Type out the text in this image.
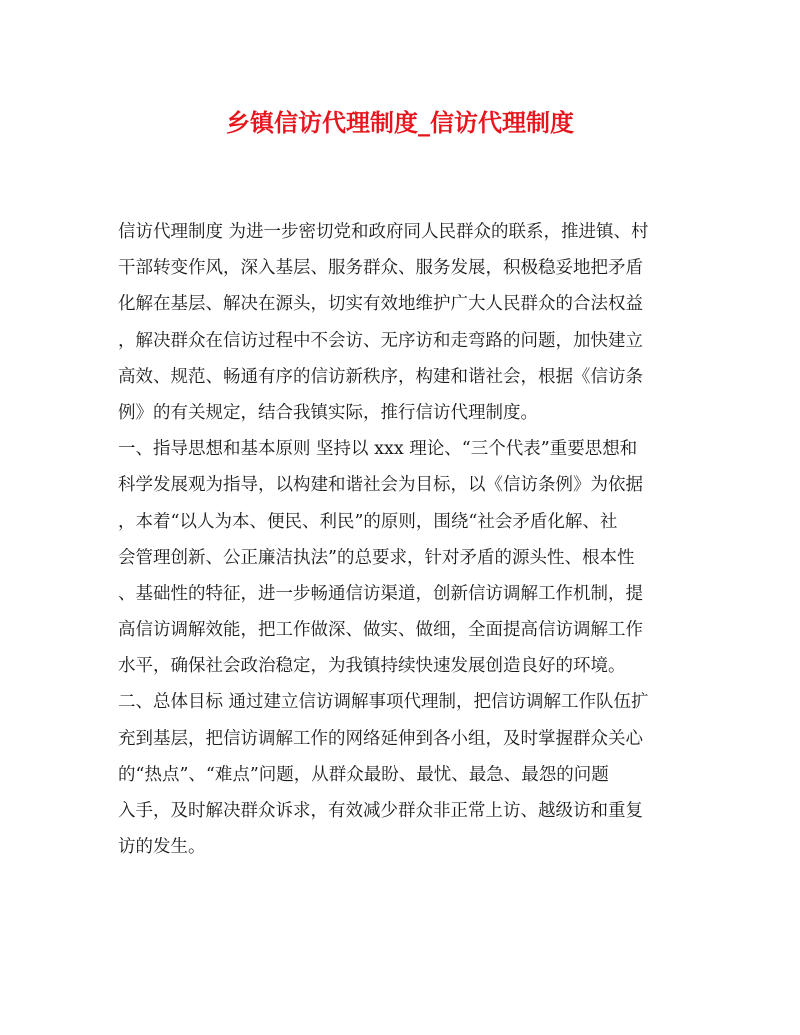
乡镇信访代理制度_信访代理制度
信访代理制度 为进一步密切党和政府同人民群众的联系，推进镇、村
干部转变作风，深入基层、服务群众、服务发展，积极稳妥地把矛盾
化解在基层、解决在源头，切实有效地维护广大人民群众的合法权益
，解决群众在信访过程中不会访、无序访和走弯路的问题，加快建立
高效、规范、畅通有序的信访新秩序，构建和谐社会，根据《信访条
例》的有关规定，结合我镇实际，推行信访代理制度。
一、指导思想和基本原则 坚持以 xxx 理论、“三个代表”重要思想和
科学发展观为指导，以构建和谐社会为目标，以《信访条例》为依据
，本着“以人为本、便民、利民”的原则，围绕“社会矛盾化解、社
会管理创新、公正廉洁执法”的总要求，针对矛盾的源头性、根本性
、基础性的特征，进一步畅通信访渠道，创新信访调解工作机制，提
高信访调解效能，把工作做深、做实、做细，全面提高信访调解工作
水平，确保社会政治稳定，为我镇持续快速发展创造良好的环境。
二、总体目标 通过建立信访调解事项代理制，把信访调解工作队伍扩
充到基层，把信访调解工作的网络延伸到各小组，及时掌握群众关心
的“热点”、“难点”问题，从群众最盼、最忧、最急、最怨的问题
入手，及时解决群众诉求，有效减少群众非正常上访、越级访和重复
访的发生。
